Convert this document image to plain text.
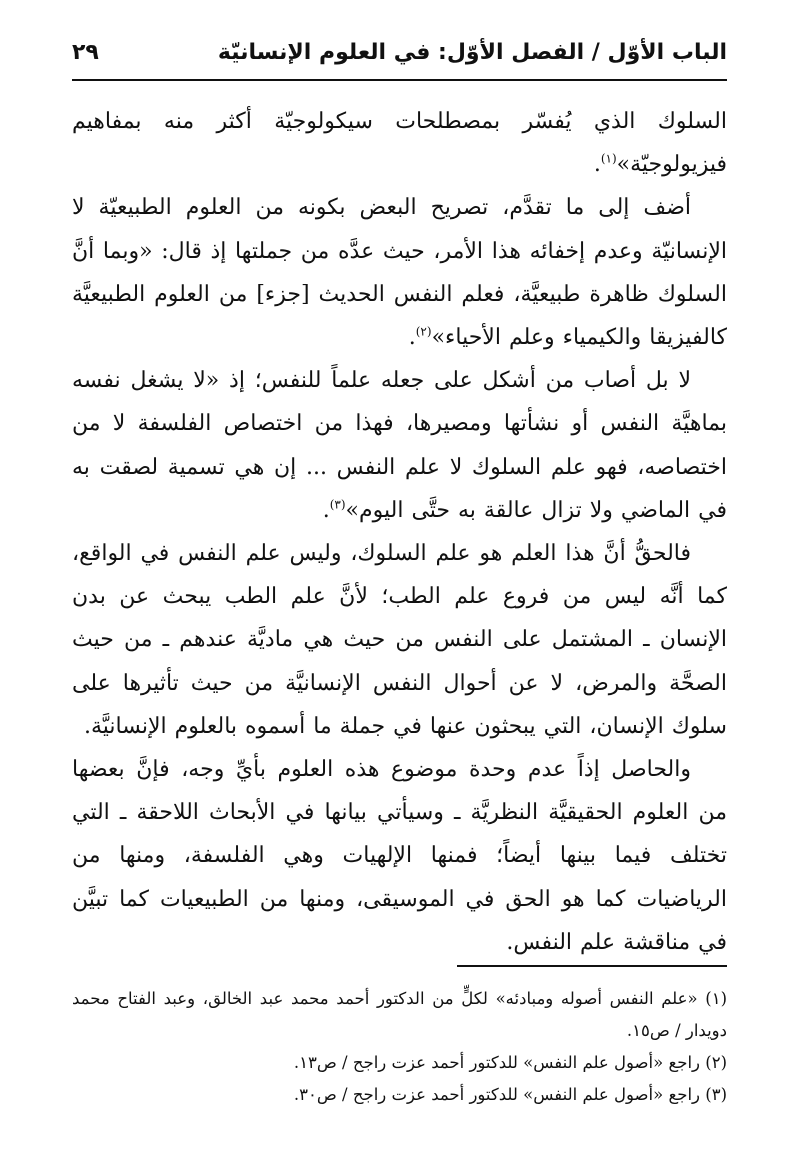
الباب الأوّل / الفصل الأوّل: في العلوم الإنسانيّة
٢٩

السلوك الذي يُفسّر بمصطلحات سيكولوجيّة أكثر منه بمفاهيم فيزيولوجيّة»$^{(١)}$.

أضف إلى ما تقدَّم، تصريح البعض بكونه من العلوم الطبيعيّة لا الإنسانيّة وعدم إخفائه هذا الأمر، حيث عدَّه من جملتها إذ قال: «وبما أنَّ السلوك ظاهرة طبيعيَّة، فعلم النفس الحديث [جزء] من العلوم الطبيعيَّة كالفيزيقا والكيمياء وعلم الأحياء»$^{(٢)}$.

لا بل أصاب من أشكل على جعله علماً للنفس؛ إذ «لا يشغل نفسه بماهيَّة النفس أو نشأتها ومصيرها، فهذا من اختصاص الفلسفة لا من اختصاصه، فهو علم السلوك لا علم النفس ... إن هي تسمية لصقت به في الماضي ولا تزال عالقة به حتَّى اليوم»$^{(٣)}$.

فالحقُّ أنَّ هذا العلم هو علم السلوك، وليس علم النفس في الواقع، كما أنَّه ليس من فروع علم الطب؛ لأنَّ علم الطب يبحث عن بدن الإنسان ـ المشتمل على النفس من حيث هي ماديَّة عندهم ـ من حيث الصحَّة والمرض، لا عن أحوال النفس الإنسانيَّة من حيث تأثيرها على سلوك الإنسان، التي يبحثون عنها في جملة ما أسموه بالعلوم الإنسانيَّة.

والحاصل إذاً عدم وحدة موضوع هذه العلوم بأيِّ وجه، فإنَّ بعضها من العلوم الحقيقيَّة النظريَّة ـ وسيأتي بيانها في الأبحاث اللاحقة ـ التي تختلف فيما بينها أيضاً؛ فمنها الإلهيات وهي الفلسفة، ومنها من الرياضيات كما هو الحق في الموسيقى، ومنها من الطبيعيات كما تبيَّن في مناقشة علم النفس.

(١) «علم النفس أصوله ومبادئه» لكلٍّ من الدكتور أحمد محمد عبد الخالق، وعبد الفتاح محمد دويدار / ص١٥.

(٢) راجع «أصول علم النفس» للدكتور أحمد عزت راجح / ص١٣.

(٣) راجع «أصول علم النفس» للدكتور أحمد عزت راجح / ص٣٠.
